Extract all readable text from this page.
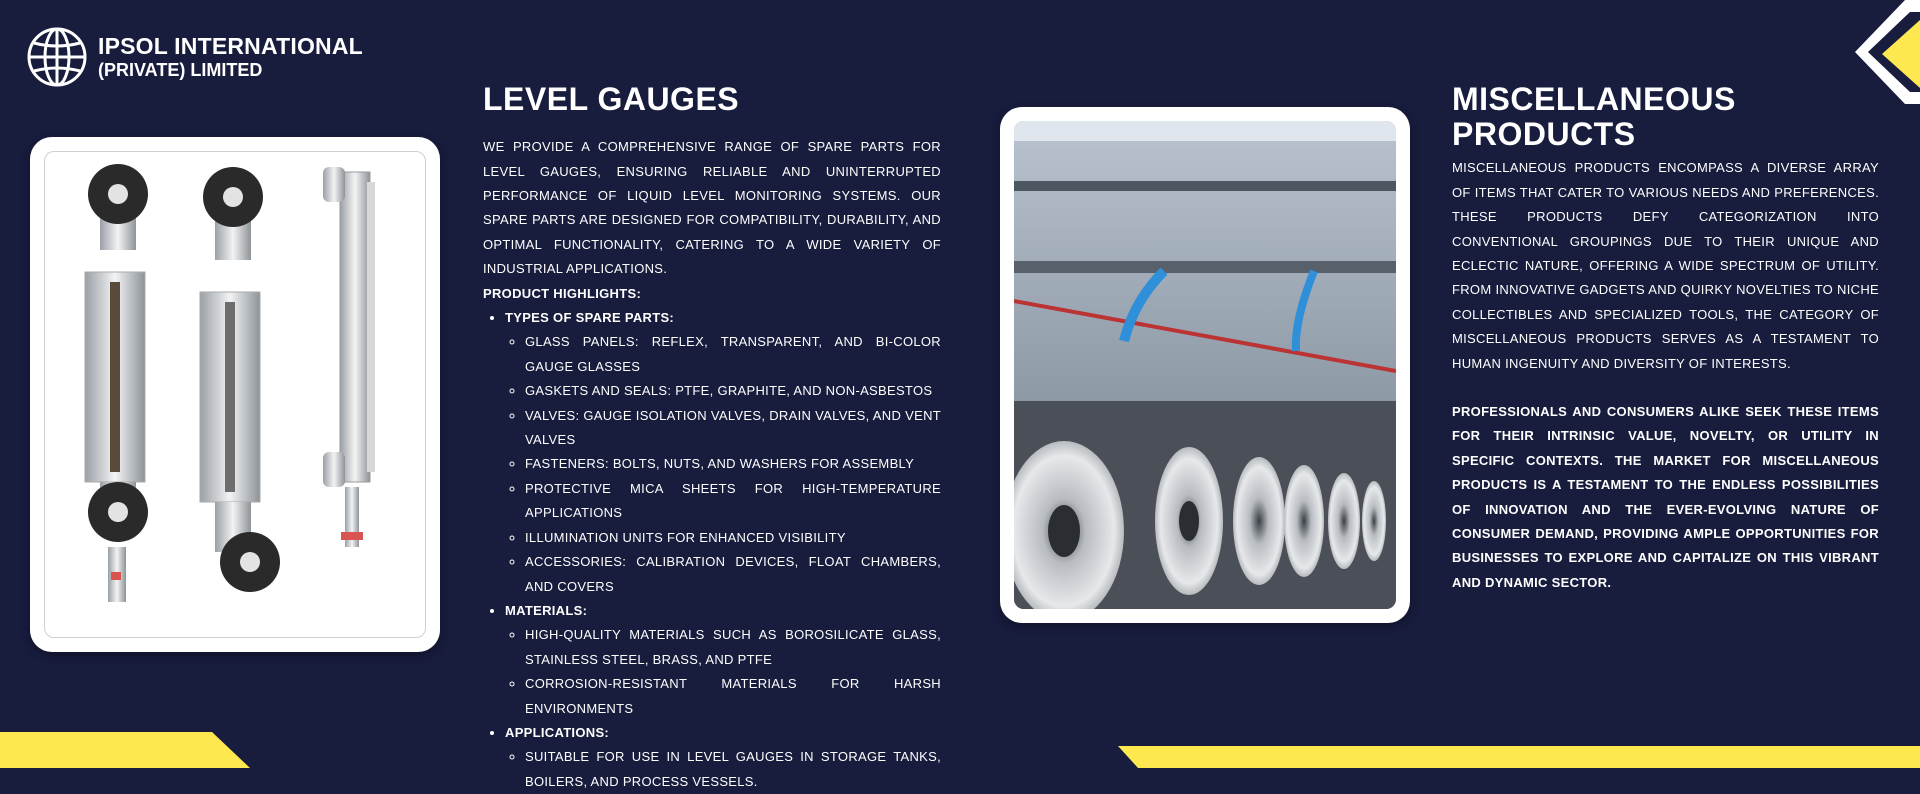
IPSOL INTERNATIONAL
(PRIVATE) LIMITED
LEVEL GAUGES

WE PROVIDE A COMPREHENSIVE RANGE OF SPARE PARTS FOR LEVEL GAUGES, ENSURING RELIABLE AND UNINTERRUPTED PERFORMANCE OF LIQUID LEVEL MONITORING SYSTEMS. OUR SPARE PARTS ARE DESIGNED FOR COMPATIBILITY, DURABILITY, AND OPTIMAL FUNCTIONALITY, CATERING TO A WIDE VARIETY OF INDUSTRIAL APPLICATIONS.

PRODUCT HIGHLIGHTS:

• TYPES OF SPARE PARTS:
◦ GLASS PANELS: REFLEX, TRANSPARENT, AND BI-COLOR GAUGE GLASSES
◦ GASKETS AND SEALS: PTFE, GRAPHITE, AND NON-ASBESTOS
◦ VALVES: GAUGE ISOLATION VALVES, DRAIN VALVES, AND VENT VALVES
◦ FASTENERS: BOLTS, NUTS, AND WASHERS FOR ASSEMBLY
◦ PROTECTIVE MICA SHEETS FOR HIGH-TEMPERATURE APPLICATIONS
◦ ILLUMINATION UNITS FOR ENHANCED VISIBILITY
◦ ACCESSORIES: CALIBRATION DEVICES, FLOAT CHAMBERS, AND COVERS
• MATERIALS:
◦ HIGH-QUALITY MATERIALS SUCH AS BOROSILICATE GLASS, STAINLESS STEEL, BRASS, AND PTFE
◦ CORROSION-RESISTANT MATERIALS FOR HARSH ENVIRONMENTS
• APPLICATIONS:
◦ SUITABLE FOR USE IN LEVEL GAUGES IN STORAGE TANKS, BOILERS, AND PROCESS VESSELS.
MISCELLANEOUS PRODUCTS

MISCELLANEOUS PRODUCTS ENCOMPASS A DIVERSE ARRAY OF ITEMS THAT CATER TO VARIOUS NEEDS AND PREFERENCES. THESE PRODUCTS DEFY CATEGORIZATION INTO CONVENTIONAL GROUPINGS DUE TO THEIR UNIQUE AND ECLECTIC NATURE, OFFERING A WIDE SPECTRUM OF UTILITY. FROM INNOVATIVE GADGETS AND QUIRKY NOVELTIES TO NICHE COLLECTIBLES AND SPECIALIZED TOOLS, THE CATEGORY OF MISCELLANEOUS PRODUCTS SERVES AS A TESTAMENT TO HUMAN INGENUITY AND DIVERSITY OF INTERESTS.

PROFESSIONALS AND CONSUMERS ALIKE SEEK THESE ITEMS FOR THEIR INTRINSIC VALUE, NOVELTY, OR UTILITY IN SPECIFIC CONTEXTS. THE MARKET FOR MISCELLANEOUS PRODUCTS IS A TESTAMENT TO THE ENDLESS POSSIBILITIES OF INNOVATION AND THE EVER-EVOLVING NATURE OF CONSUMER DEMAND, PROVIDING AMPLE OPPORTUNITIES FOR BUSINESSES TO EXPLORE AND CAPITALIZE ON THIS VIBRANT AND DYNAMIC SECTOR.
